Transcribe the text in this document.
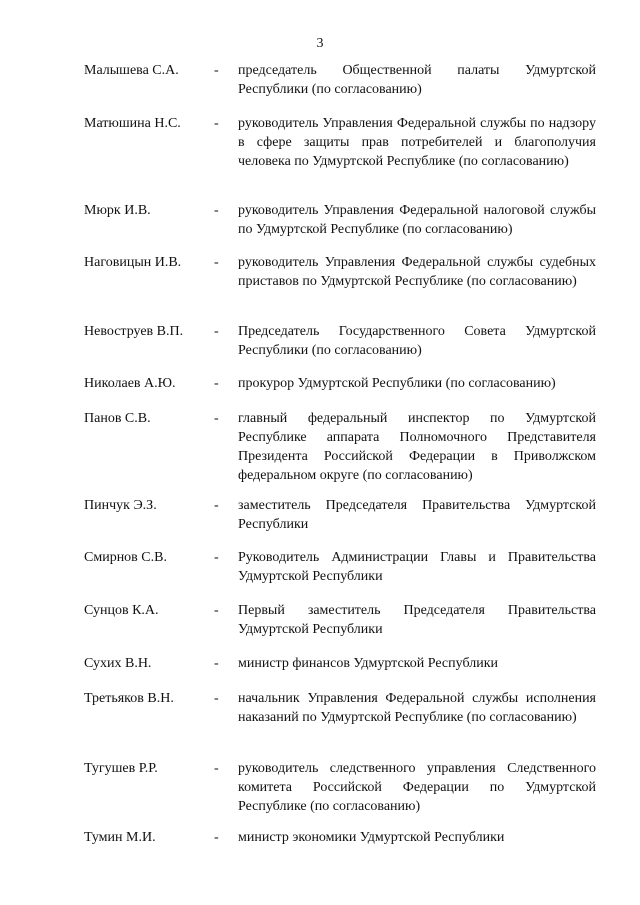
3
Малышева С.А.	- председатель Общественной палаты Удмуртской Республики (по согласованию)
Матюшина Н.С. - руководитель Управления Федеральной службы по надзору в сфере защиты прав потребителей и благополучия человека по Удмуртской Республике (по согласованию)
Мюрк И.В.	- руководитель Управления Федеральной налоговой службы по Удмуртской Республике (по согласованию)
Наговицын И.В. - руководитель Управления Федеральной службы судебных приставов по Удмуртской Республике (по согласованию)
Невоструев В.П. - Председатель Государственного Совета Удмуртской Республики (по согласованию)
Николаев А.Ю.	- прокурор Удмуртской Республики (по согласованию)
Панов С.В.	- главный федеральный инспектор по Удмуртской Республике аппарата Полномочного Представителя Президента Российской Федерации в Приволжском федеральном округе (по согласованию)
Пинчук Э.З.	- заместитель Председателя Правительства Удмуртской Республики
Смирнов С.В.	- Руководитель Администрации Главы и Правительства Удмуртской Республики
Сунцов К.А.	- Первый заместитель Председателя Правительства Удмуртской Республики
Сухих В.Н.	- министр финансов Удмуртской Республики
Третьяков В.Н.	- начальник Управления Федеральной службы исполнения наказаний по Удмуртской Республике (по согласованию)
Тугушев Р.Р.	- руководитель следственного управления Следственного комитета Российской Федерации по Удмуртской Республике (по согласованию)
Тумин М.И.	- министр экономики Удмуртской Республики
